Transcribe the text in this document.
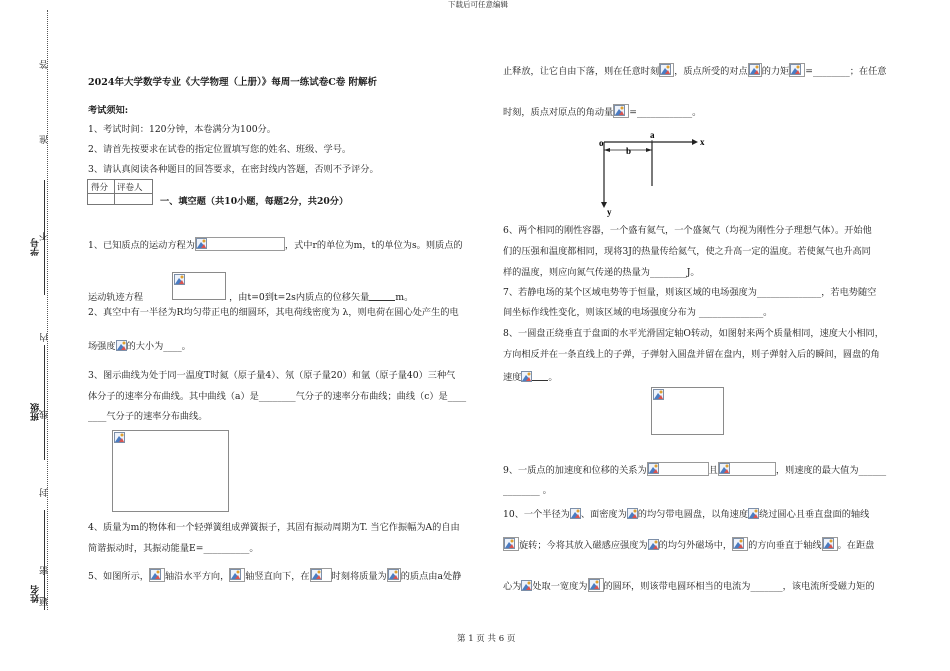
下载后可任意编辑
答
准
学号
不
内
班级 线
封
密
姓名 题
2024年大学数学专业《大学物理（上册）》每周一练试卷C卷 附解析
考试须知:
1、考试时间：120分钟，本卷满分为100分。
2、请首先按要求在试卷的指定位置填写您的姓名、班级、学号。
3、请认真阅读各种题目的回答要求，在密封线内答题，否则不予评分。
得分 评卷人
一、填空题（共10小题，每题2分，共20分）
1、已知质点的运动方程为	，式中r的单位为m，t的单位为s。则质点的
运动轨迹方程	，由t=0到t=2s内质点的位移矢量	m。
2、真空中有一半径为R均匀带正电的细圆环，其电荷线密度为 λ，则电荷在圆心处产生的电
场强度 的大小为____。
3、图示曲线为处于同一温度T时氦（原子量4）、氖（原子量20）和氩（原子量40）三种气
体分子的速率分布曲线。其中曲线（a）是________气分子的速率分布曲线；曲线（c）是____
____气分子的速率分布曲线。
4、质量为m的物体和一个轻弹簧组成弹簧振子，其固有振动周期为T. 当它作振幅为A的自由
简谐振动时，其振动能量E=__________。
5、如图所示， 轴沿水平方向， 轴竖直向下，在 时刻将质量为 的质点由a处静
止释放，让它自由下落，则在任意时刻 ，质点所受的对点 的力矩 =________；在任意
时刻，质点对原点的角动量 =____________。
o
a
b
x
y
6、两个相同的刚性容器，一个盛有氦气，一个盛氮气（均视为刚性分子理想气体）。开始他
们的压强和温度都相同，现将3J的热量传给氦气，使之升高一定的温度。若使氮气也升高同
样的温度，则应向氮气传递的热量为________J。
7、若静电场的某个区域电势等于恒量，则该区域的电场强度为______________，若电势随空
间坐标作线性变化，则该区域的电场强度分布为 ______________。
8、一圆盘正绕垂直于盘面的水平光滑固定轴O转动，如图射来两个质量相同，速度大小相同，
方向相反并在一条直线上的子弹，子弹射入圆盘并留在盘内，则子弹射入后的瞬间，圆盘的角
速度	。
9、一质点的加速度和位移的关系为	且	，则速度的最大值为______
________ 。
10、一个半径为 、面密度为 的均匀带电圆盘，以角速度 绕过圆心且垂直盘面的轴线
旋转；今将其放入磁感应强度为 的均匀外磁场中， 的方向垂直于轴线 。在距盘
心为 处取一宽度为 的圆环，则该带电圆环相当的电流为_______，该电流所受磁力矩的
第 1 页 共 6 页
